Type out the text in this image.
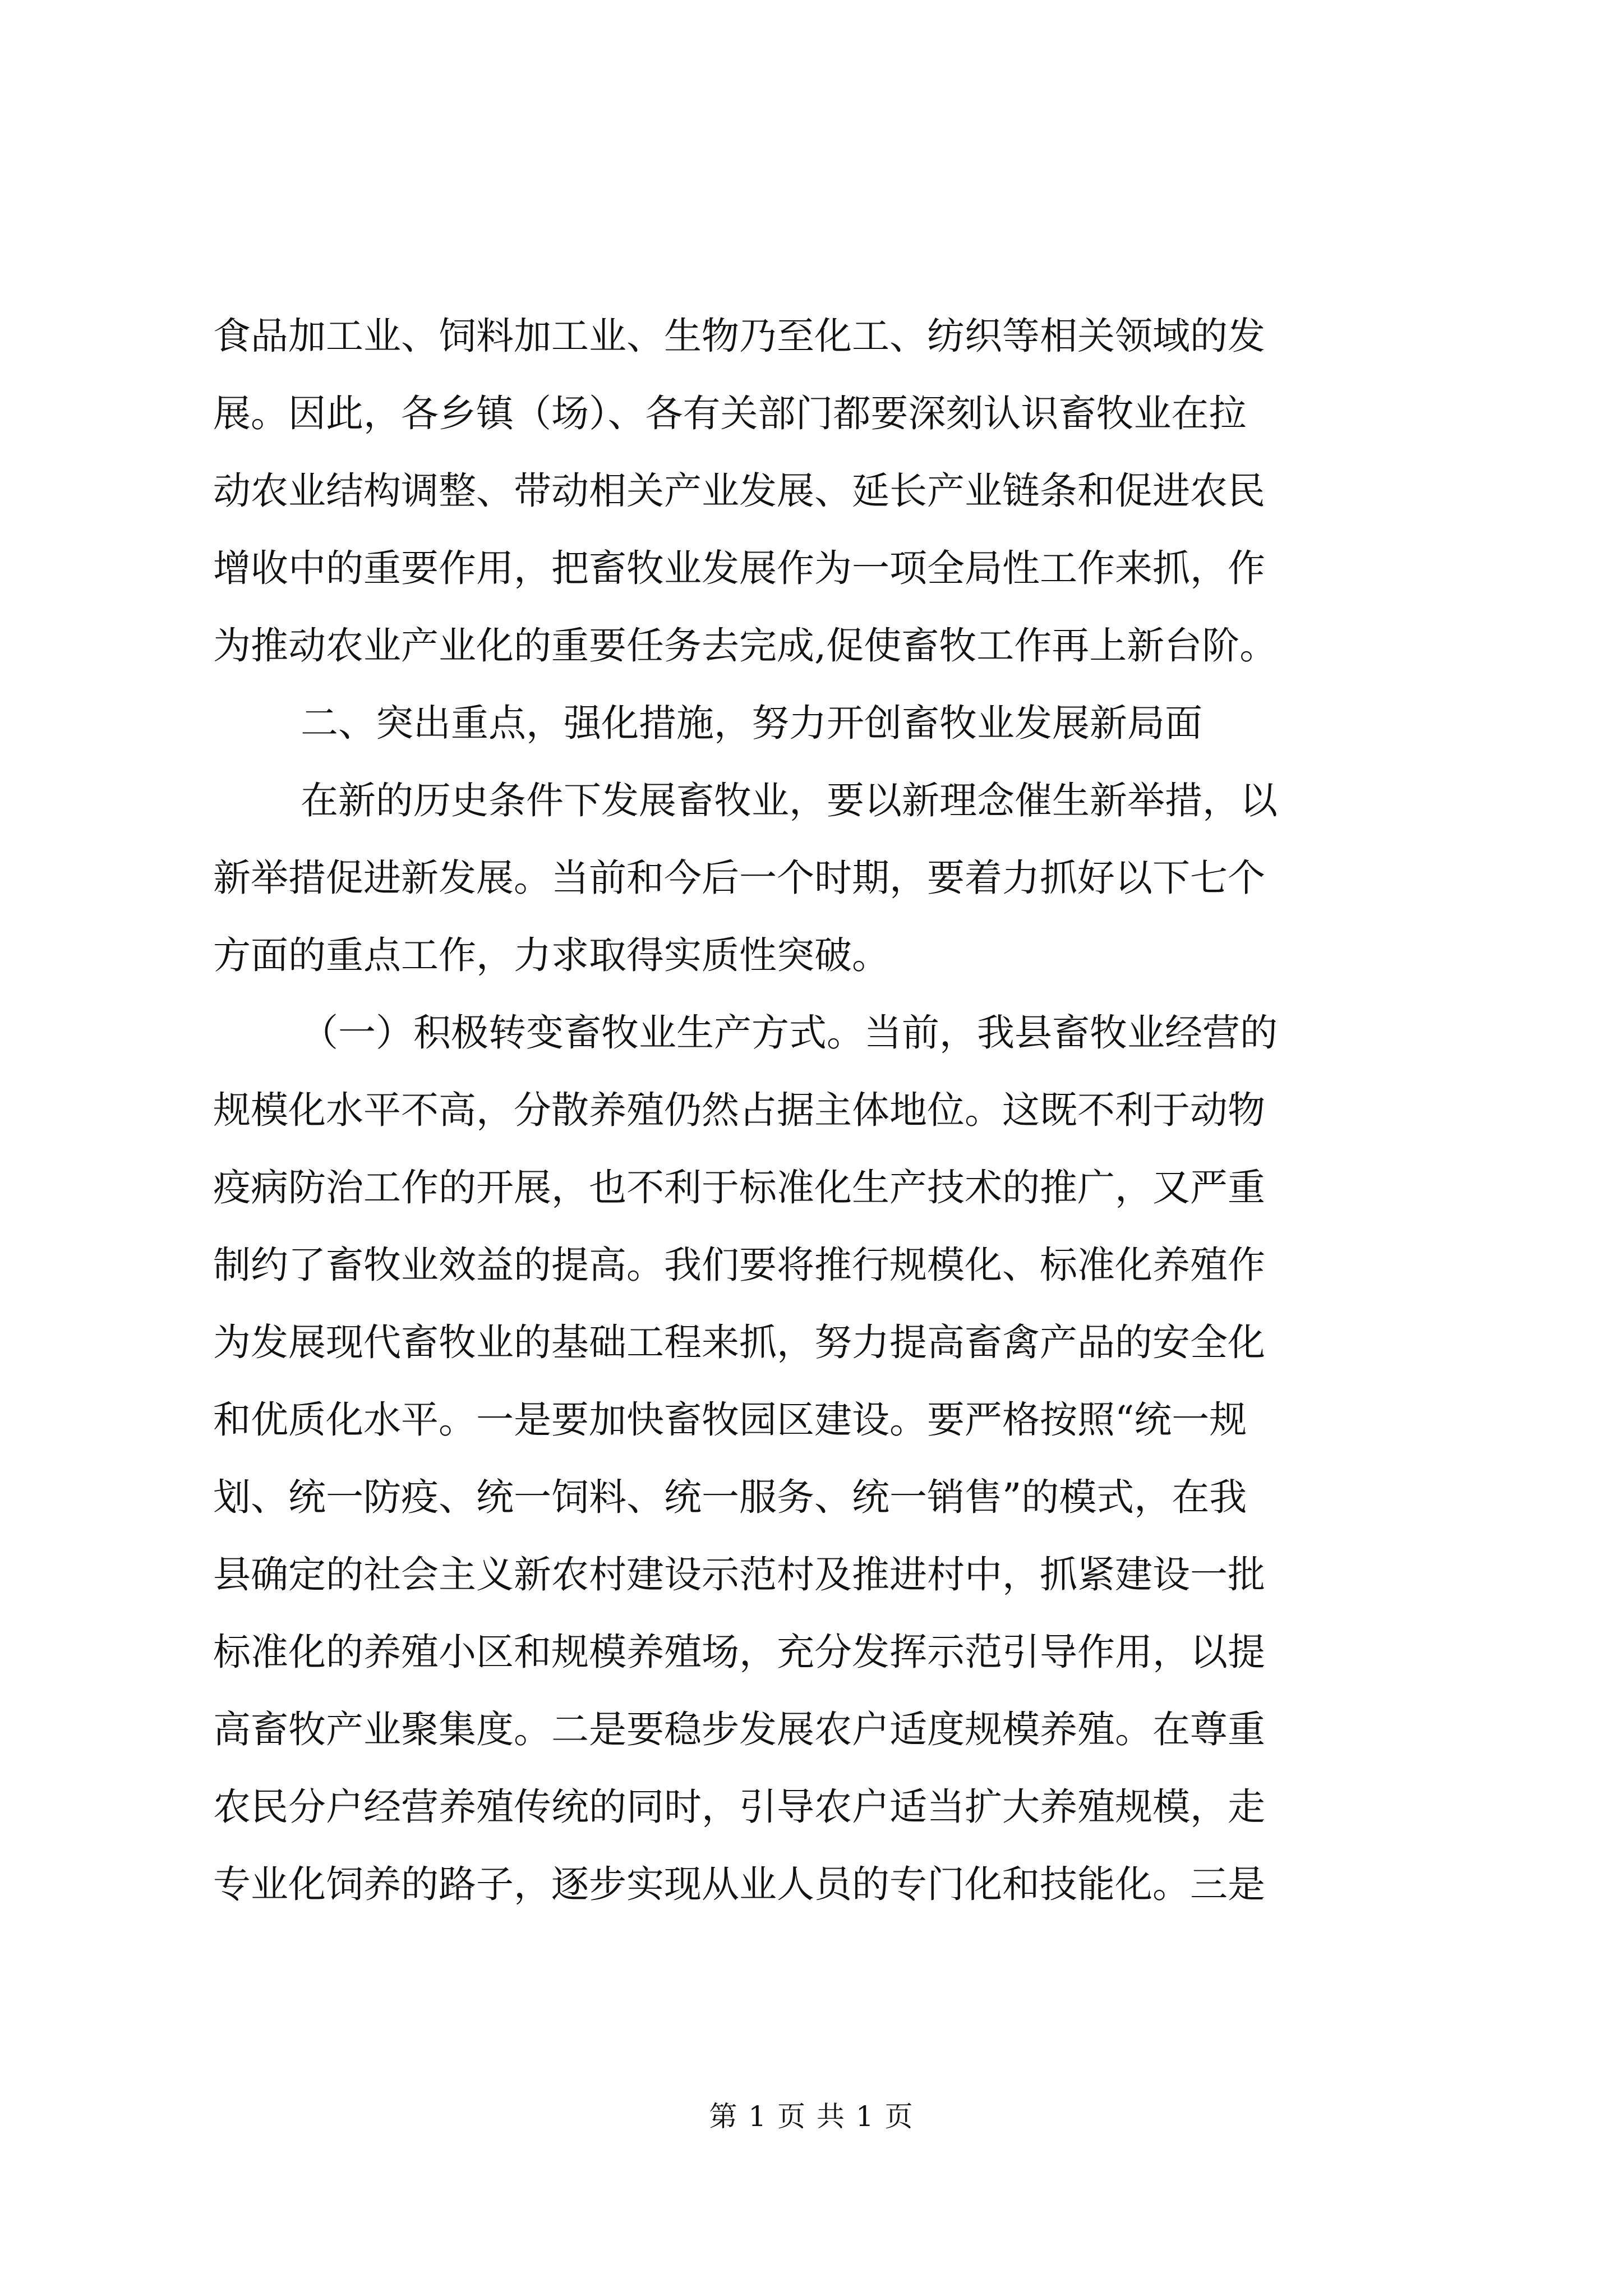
食品加工业、饲料加工业、生物乃至化工、纺织等相关领域的发
展。因此，各乡镇（场）、各有关部门都要深刻认识畜牧业在拉
动农业结构调整、带动相关产业发展、延长产业链条和促进农民
增收中的重要作用，把畜牧业发展作为一项全局性工作来抓，作
为推动农业产业化的重要任务去完成,促使畜牧工作再上新台阶。
二、突出重点，强化措施，努力开创畜牧业发展新局面
在新的历史条件下发展畜牧业，要以新理念催生新举措，以
新举措促进新发展。当前和今后一个时期，要着力抓好以下七个
方面的重点工作，力求取得实质性突破。
（一）积极转变畜牧业生产方式。当前，我县畜牧业经营的
规模化水平不高，分散养殖仍然占据主体地位。这既不利于动物
疫病防治工作的开展，也不利于标准化生产技术的推广，又严重
制约了畜牧业效益的提高。我们要将推行规模化、标准化养殖作
为发展现代畜牧业的基础工程来抓，努力提高畜禽产品的安全化
和优质化水平。一是要加快畜牧园区建设。要严格按照“统一规
划、统一防疫、统一饲料、统一服务、统一销售”的模式，在我
县确定的社会主义新农村建设示范村及推进村中，抓紧建设一批
标准化的养殖小区和规模养殖场，充分发挥示范引导作用，以提
高畜牧产业聚集度。二是要稳步发展农户适度规模养殖。在尊重
农民分户经营养殖传统的同时，引导农户适当扩大养殖规模，走
专业化饲养的路子，逐步实现从业人员的专门化和技能化。三是
第 1 页 共 1 页
